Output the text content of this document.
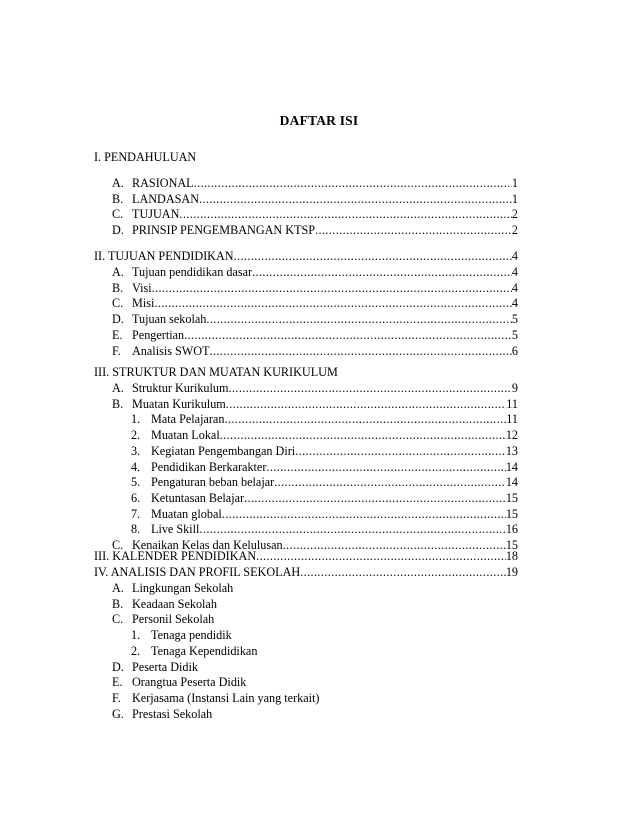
DAFTAR ISI
I. PENDAHULUAN
A. RASIONAL .....	1
B. LANDASAN .....	1
C. TUJUAN .....	2
D. PRINSIP PENGEMBANGAN KTSP .....	2
II. TUJUAN PENDIDIKAN .....	4
A. Tujuan pendidikan dasar .....	4
B. Visi .....	4
C. Misi .....	4
D. Tujuan sekolah .....	5
E. Pengertian .....	5
F. Analisis SWOT .....	6
III. STRUKTUR DAN MUATAN KURIKULUM
A. Struktur Kurikulum .....	9
B. Muatan Kurikulum .....	11
1. Mata Pelajaran .....	11
2. Muatan Lokal .....	12
3. Kegiatan Pengembangan Diri .....	13
4. Pendidikan Berkarakter .....	14
5. Pengaturan beban belajar .....	14
6. Ketuntasan Belajar .....	15
7. Muatan global .....	15
8. Live Skill .....	16
C. Kenaikan Kelas dan Kelulusan .....	15
III. KALENDER PENDIDIKAN .....	18
IV. ANALISIS DAN PROFIL SEKOLAH .....	19
A. Lingkungan Sekolah
B. Keadaan Sekolah
C. Personil Sekolah
1. Tenaga pendidik
2. Tenaga Kependidikan
D. Peserta Didik
E. Orangtua Peserta Didik
F. Kerjasama (Instansi Lain yang terkait)
G. Prestasi Sekolah
